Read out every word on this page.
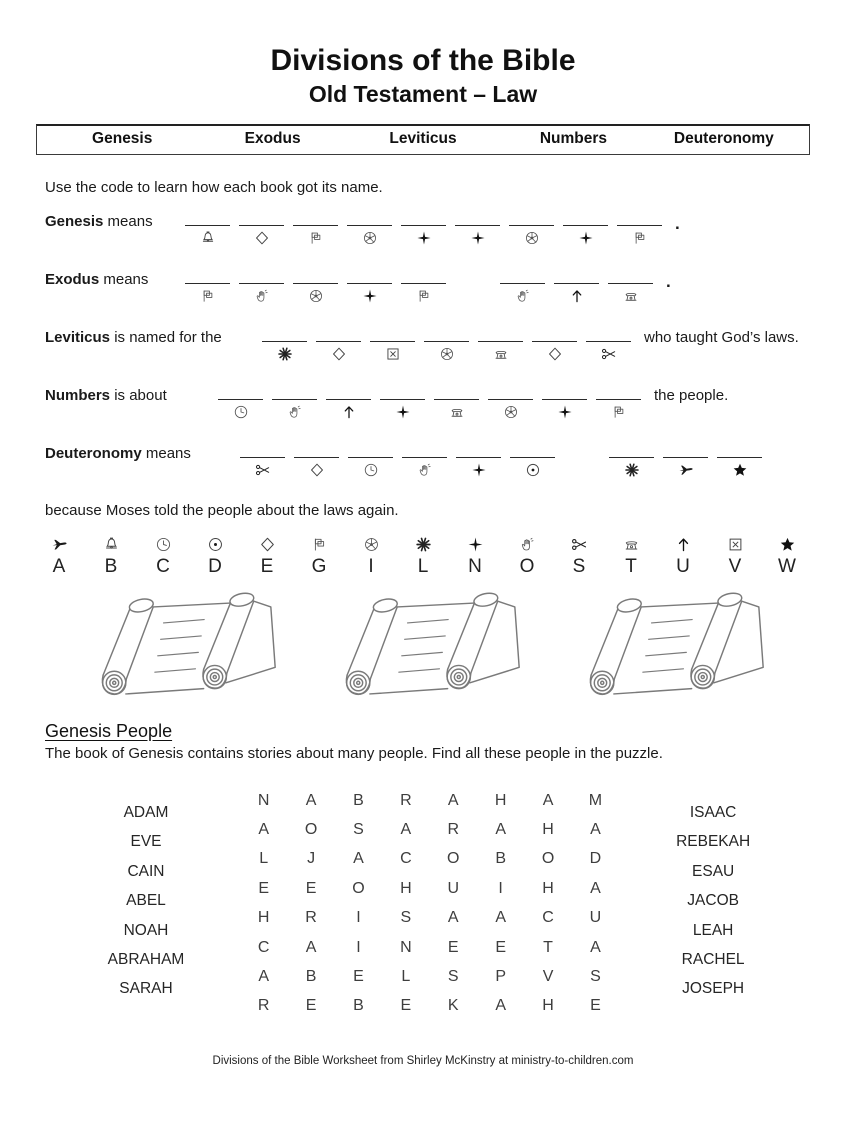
Divisions of the Bible
Old Testament – Law
Genesis	Exodus	Leviticus	Numbers	Deuteronomy

Use the code to learn how each book got its name.

Genesis means	.
Exodus means	.
Leviticus is named for the	who taught God’s laws.
Numbers is about	the people.
Deuteronomy means

because Moses told the people about the laws again.

A B C D E G I L N O S T U V W
Genesis People

The book of Genesis contains stories about many people. Find all these people in the puzzle.

ADAM
EVE
CAIN
ABEL
NOAH
ABRAHAM
SARAH
N	A	B	R	A	H	A	M
A	O	S	A	R	A	H	A
L	J	A	C	O	B	O	D
E	E	O	H	U	I	H	A
H	R	I	S	A	A	C	U
C	A	I	N	E	E	T	A
A	B	E	L	S	P	V	S
R	E	B	E	K	A	H	E
ISAAC
REBEKAH
ESAU
JACOB
LEAH
RACHEL
JOSEPH

Divisions of the Bible Worksheet from Shirley McKinstry at ministry-to-children.com
